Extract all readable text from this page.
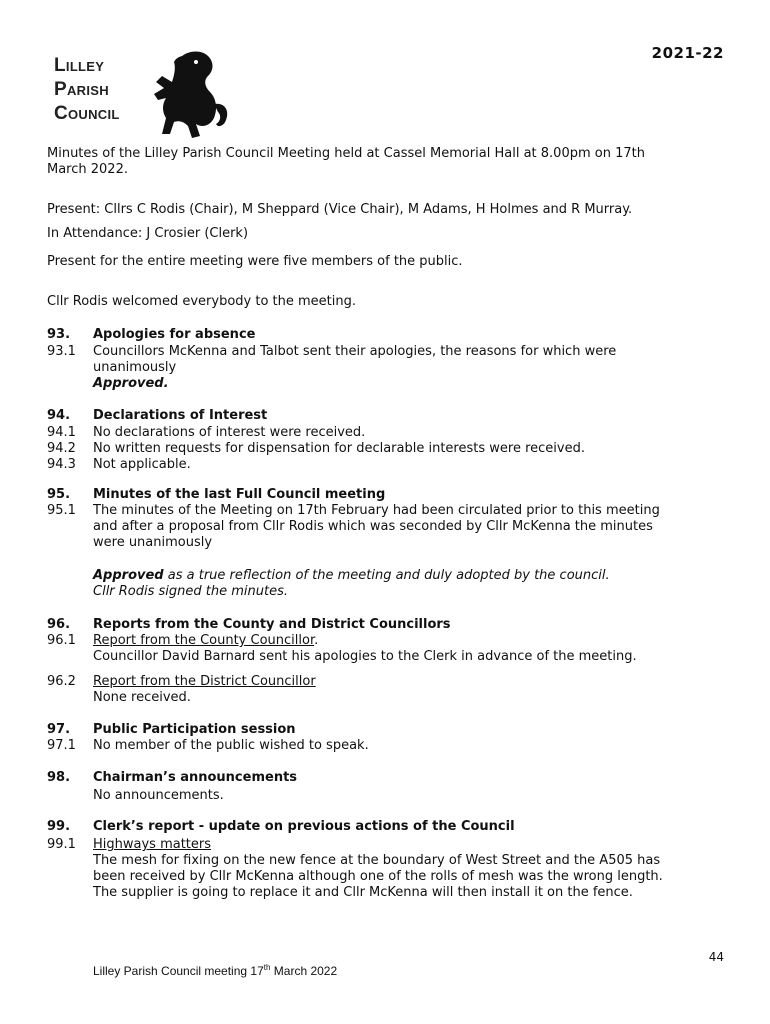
2021-22
Lilley
Parish
Council
Minutes of the Lilley Parish Council Meeting held at Cassel Memorial Hall at 8.00pm on 17th
March 2022.
Present: Cllrs C Rodis (Chair), M Sheppard (Vice Chair), M Adams, H Holmes and R Murray.
In Attendance: J Crosier (Clerk)
Present for the entire meeting were five members of the public.
Cllr Rodis welcomed everybody to the meeting.
93.	Apologies for absence
93.1	Councillors McKenna and Talbot sent their apologies, the reasons for which were
unanimously
Approved.
94.	Declarations of Interest
94.1	No declarations of interest were received.
94.2	No written requests for dispensation for declarable interests were received.
94.3	Not applicable.
95.	Minutes of the last Full Council meeting
95.1	The minutes of the Meeting on 17th February had been circulated prior to this meeting
and after a proposal from Cllr Rodis which was seconded by Cllr McKenna the minutes
were unanimously
Approved as a true reflection of the meeting and duly adopted by the council.
Cllr Rodis signed the minutes.
96.	Reports from the County and District Councillors
96.1	Report from the County Councillor.
Councillor David Barnard sent his apologies to the Clerk in advance of the meeting.
96.2	Report from the District Councillor
None received.
97.	Public Participation session
97.1	No member of the public wished to speak.
98.	Chairman’s announcements
No announcements.
99.	Clerk’s report - update on previous actions of the Council
99.1	Highways matters
The mesh for fixing on the new fence at the boundary of West Street and the A505 has
been received by Cllr McKenna although one of the rolls of mesh was the wrong length.
The supplier is going to replace it and Cllr McKenna will then install it on the fence.
44
Lilley Parish Council meeting 17th March 2022
